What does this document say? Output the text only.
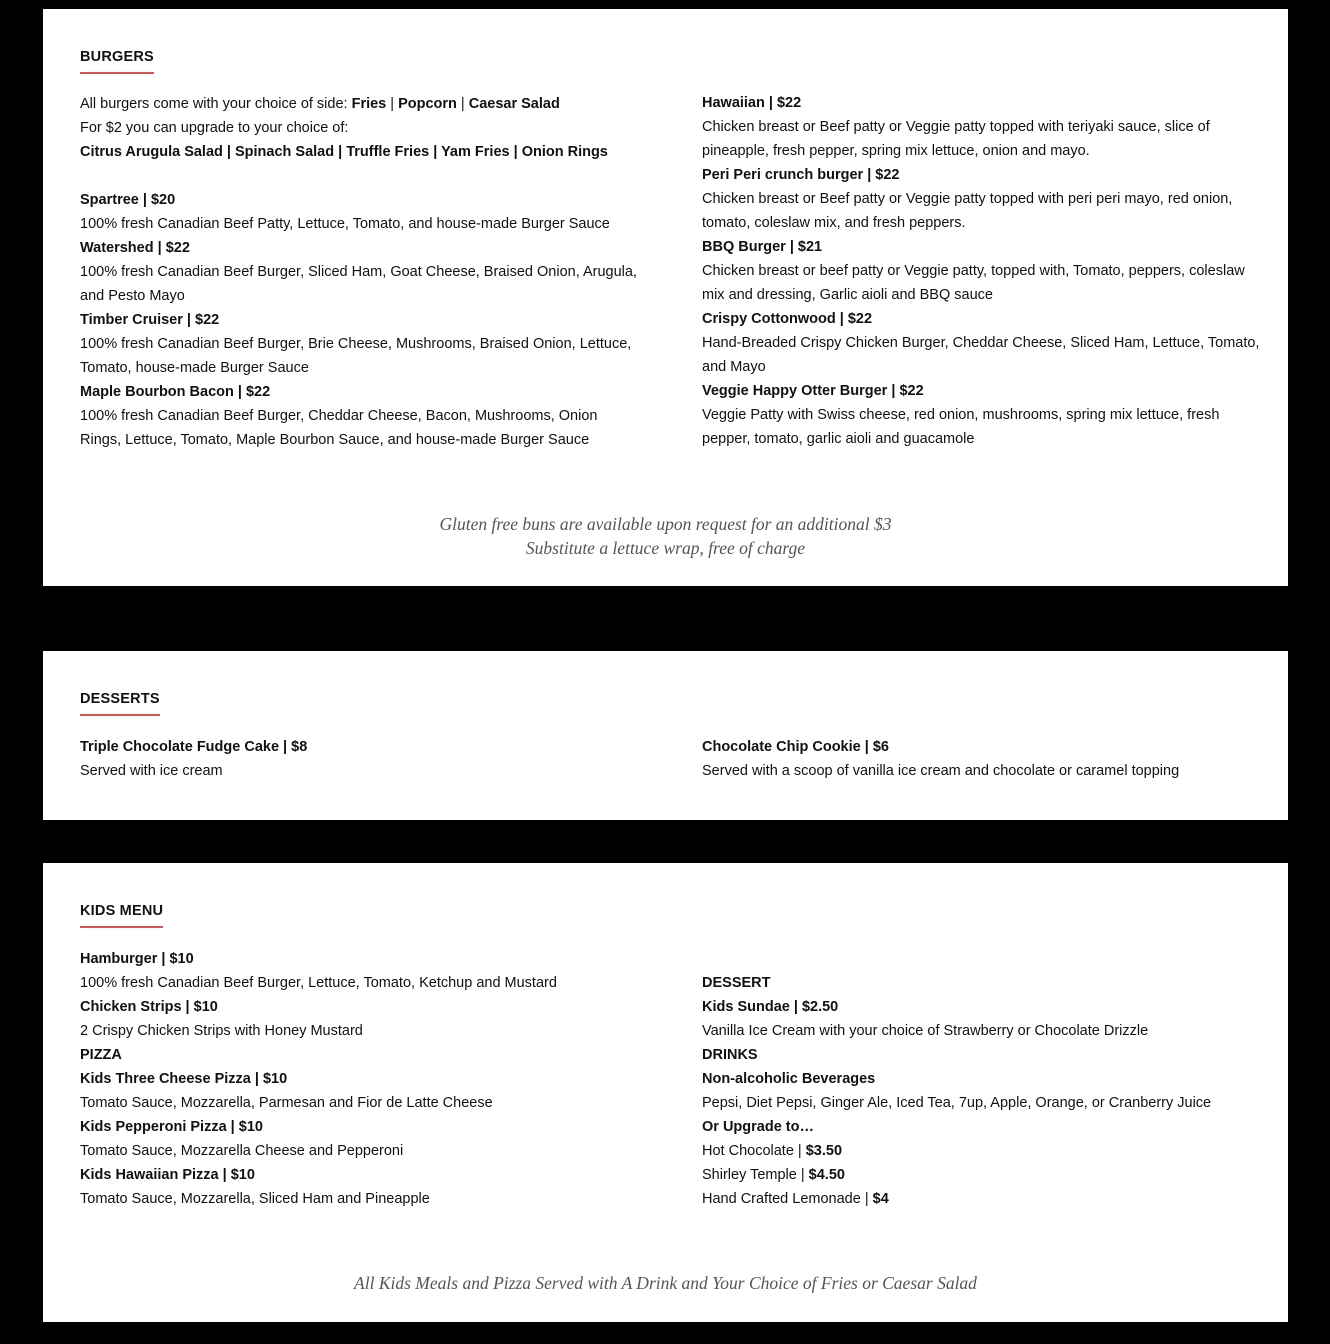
BURGERS

All burgers come with your choice of side: Fries | Popcorn | Caesar Salad

For $2 you can upgrade to your choice of:

Citrus Arugula Salad | Spinach Salad | Truffle Fries | Yam Fries | Onion Rings

Spartree | $20

100% fresh Canadian Beef Patty, Lettuce, Tomato, and house-made Burger Sauce

Watershed | $22

100% fresh Canadian Beef Burger, Sliced Ham, Goat Cheese, Braised Onion, Arugula, and Pesto Mayo

Timber Cruiser | $22

100% fresh Canadian Beef Burger, Brie Cheese, Mushrooms, Braised Onion, Lettuce, Tomato, house-made Burger Sauce

Maple Bourbon Bacon | $22

100% fresh Canadian Beef Burger, Cheddar Cheese, Bacon, Mushrooms, Onion Rings, Lettuce, Tomato, Maple Bourbon Sauce, and house-made Burger Sauce

Hawaiian | $22

Chicken breast or Beef patty or Veggie patty topped with teriyaki sauce, slice of pineapple, fresh pepper, spring mix lettuce, onion and mayo.

Peri Peri crunch burger | $22

Chicken breast or Beef patty or Veggie patty topped with peri peri mayo, red onion, tomato, coleslaw mix, and fresh peppers.

BBQ Burger | $21

Chicken breast or beef patty or Veggie patty, topped with, Tomato, peppers, coleslaw mix and dressing, Garlic aioli and BBQ sauce

Crispy Cottonwood | $22

Hand-Breaded Crispy Chicken Burger, Cheddar Cheese, Sliced Ham, Lettuce, Tomato, and Mayo

Veggie Happy Otter Burger | $22

Veggie Patty with Swiss cheese, red onion, mushrooms, spring mix lettuce, fresh pepper, tomato, garlic aioli and guacamole

Gluten free buns are available upon request for an additional $3
Substitute a lettuce wrap, free of charge
DESSERTS

Triple Chocolate Fudge Cake | $8

Served with ice cream

Chocolate Chip Cookie | $6

Served with a scoop of vanilla ice cream and chocolate or caramel topping

KIDS MENU

Hamburger | $10

100% fresh Canadian Beef Burger, Lettuce, Tomato, Ketchup and Mustard

Chicken Strips | $10

2 Crispy Chicken Strips with Honey Mustard

PIZZA

Kids Three Cheese Pizza | $10

Tomato Sauce, Mozzarella, Parmesan and Fior de Latte Cheese

Kids Pepperoni Pizza | $10

Tomato Sauce, Mozzarella Cheese and Pepperoni

Kids Hawaiian Pizza | $10

Tomato Sauce, Mozzarella, Sliced Ham and Pineapple

DESSERT

Kids Sundae | $2.50

Vanilla Ice Cream with your choice of Strawberry or Chocolate Drizzle

DRINKS

Non-alcoholic Beverages

Pepsi, Diet Pepsi, Ginger Ale, Iced Tea, 7up, Apple, Orange, or Cranberry Juice

Or Upgrade to…

Hot Chocolate | $3.50

Shirley Temple | $4.50

Hand Crafted Lemonade | $4

All Kids Meals and Pizza Served with A Drink and Your Choice of Fries or Caesar Salad
